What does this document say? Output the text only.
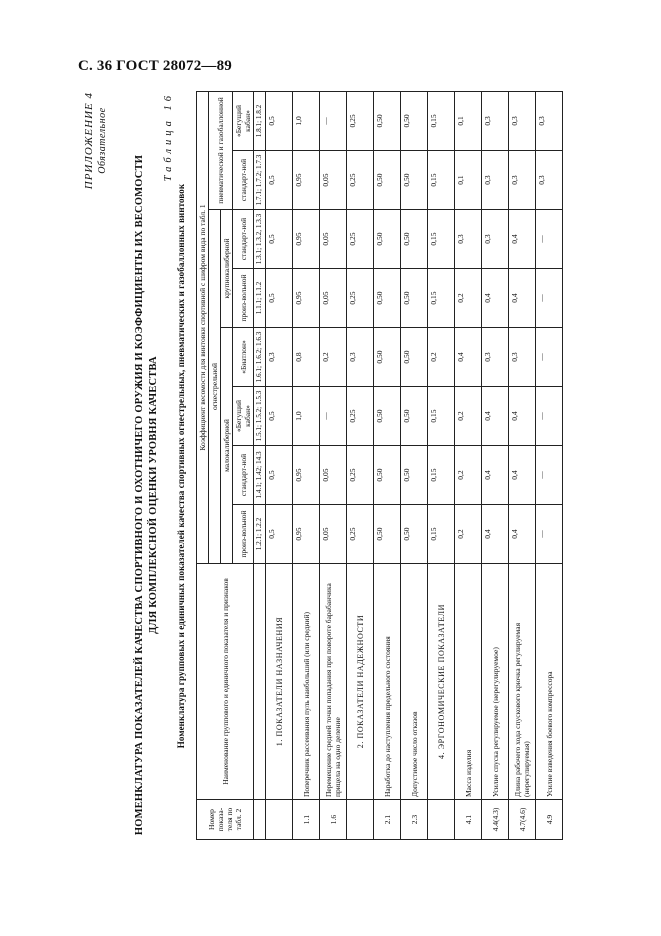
С. 36 ГОСТ 28072—89
ПРИЛОЖЕНИЕ 4 Обязательное
НОМЕНКЛАТУРА ПОКАЗАТЕЛЕЙ КАЧЕСТВА СПОРТИВНОГО И ОХОТНИЧЕГО ОРУЖИЯ И КОЭФФИЦИЕНТЫ ИХ ВЕСОМОСТИ ДЛЯ КОМПЛЕКСНОЙ ОЦЕНКИ УРОВНЯ КАЧЕСТВА
Таблица 16
Номенклатура групповых и единичных показателей качества спортивных огнестрельных, пневматических и газобаллонных винтовок
Номер показа-теля по табл. 2	Наименование группового и единичного показателя и признаков	Коэффициент весомости для винтовки спортивной с шифром вида по табл. 1							
		огнестрельной						пневматической и газобаллонной	
		малокалиберной				крупнокалиберной			
		произ-вольной	стандарт-ной	«Бегущий кабан»	«Биатлон»	произ-вольной	стандарт-ной	стандарт-ной	«Бегущий кабан»
		1.2.1; 1.2.2	1.4.1; 1.42; 14.3	1.5.1; 1.5.2; 1.5.3	1.6.1; 1.6.2; 1.6.3	1.1.1; 1.1.2	1.3.1; 1.3.2, 1.3.3	1.7.1; 1.7.2; 1.7.3	1.8.1; 1.8.2
	1. ПОКАЗАТЕЛИ НАЗНАЧЕНИЯ	0,5	0,5	0,5	0,3	0,5	0,5	0,5	0,5
1.1	Поперечник рассеивания пуль наибольший (или средний)	0,95	0,95	1,0	0,8	0,95	0,95	0,95	1,0
1.6	Перемещение средней точки попадания при повороте барабанчика прицела на одно деление	0,05	0,05	—	0,2	0,05	0,05	0,05	—
	2. ПОКАЗАТЕЛИ НАДЕЖНОСТИ	0,25	0,25	0,25	0,3	0,25	0,25	0,25	0,25
2.1	Наработка до наступления предельного состояния	0,50	0,50	0,50	0,50	0,50	0,50	0,50	0,50
2.3	Допустимое число отказов	0,50	0,50	0,50	0,50	0,50	0,50	0,50	0,50
	4. ЭРГОНОМИЧЕСКИЕ ПОКАЗАТЕЛИ	0,15	0,15	0,15	0,2	0,15	0,15	0,15	0,15
4.1	Масса изделия	0,2	0,2	0,2	0,4	0,2	0,3	0,1	0,1
4.4(4.3)	Усилие спуска регулируемое (нерегулируемое)	0,4	0,4	0,4	0,3	0,4	0,3	0,3	0,3
4.7(4.6)	Длина рабочего хода спускового крючка регулируемая (нерегулируемая)	0,4	0,4	0,4	0,3	0,4	0,4	0,3	0,3
4.9	Усилие взведения боевого компрессора	—	—	—	—	—	—	0,3	0,3
